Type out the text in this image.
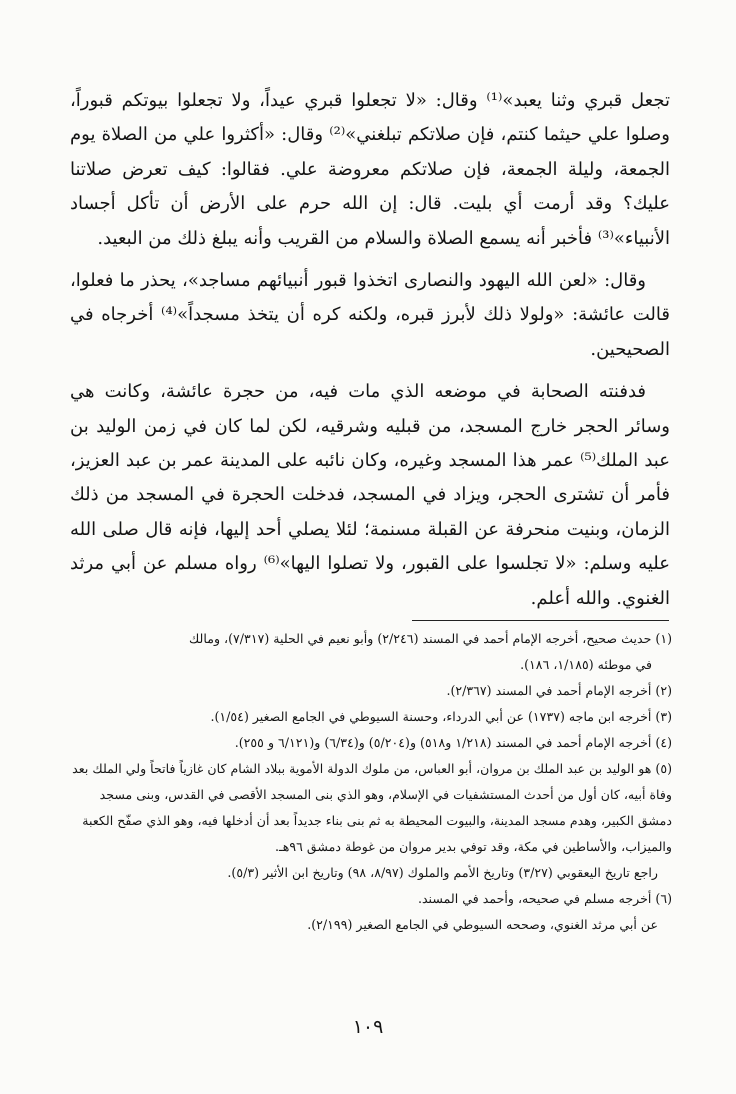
تجعل قبري وثنا يعبد»⁽¹⁾ وقال: «لا تجعلوا قبري عيداً، ولا تجعلوا بيوتكم قبوراً، وصلوا علي حيثما كنتم، فإن صلاتكم تبلغني»⁽²⁾ وقال: «أكثروا علي من الصلاة يوم الجمعة، وليلة الجمعة، فإن صلاتكم معروضة علي. فقالوا: كيف تعرض صلاتنا عليك؟ وقد أرمت أي بليت. قال: إن الله حرم على الأرض أن تأكل أجساد الأنبياء»⁽³⁾ فأخبر أنه يسمع الصلاة والسلام من القريب وأنه يبلغ ذلك من البعيد.

وقال: «لعن الله اليهود والنصارى اتخذوا قبور أنبيائهم مساجد»، يحذر ما فعلوا، قالت عائشة: «ولولا ذلك لأبرز قبره، ولكنه كره أن يتخذ مسجداً»⁽⁴⁾ أخرجاه في الصحيحين.

فدفنته الصحابة في موضعه الذي مات فيه، من حجرة عائشة، وكانت هي وسائر الحجر خارج المسجد، من قبليه وشرقيه، لكن لما كان في زمن الوليد بن عبد الملك⁽⁵⁾ عمر هذا المسجد وغيره، وكان نائبه على المدينة عمر بن عبد العزيز، فأمر أن تشترى الحجر، ويزاد في المسجد، فدخلت الحجرة في المسجد من ذلك الزمان، وبنيت منحرفة عن القبلة مسنمة؛ لئلا يصلي أحد إليها، فإنه قال صلى الله عليه وسلم: «لا تجلسوا على القبور، ولا تصلوا اليها»⁽⁶⁾ رواه مسلم عن أبي مرثد الغنوي. والله أعلم.

(١) حديث صحيح، أخرجه الإمام أحمد في المسند (٢/٢٤٦) وأبو نعيم في الحلية (٧/٣١٧)، ومالك

في موطئه (١/١٨٥، ١٨٦).

(٢) أخرجه الإمام أحمد في المسند (٢/٣٦٧).

(٣) أخرجه ابن ماجه (١٧٣٧) عن أبي الدرداء، وحسنة السيوطي في الجامع الصغير (١/٥٤).

(٤) أخرجه الإمام أحمد في المسند (١/٢١٨ و٥١٨) و(٥/٢٠٤) و(٦/٣٤) و(٦/١٢١ و ٢٥٥).

(٥) هو الوليد بن عبد الملك بن مروان، أبو العباس، من ملوك الدولة الأموية ببلاد الشام كان غازياً فاتحاً ولي الملك بعد وفاة أبيه، كان أول من أحدث المستشفيات في الإسلام، وهو الذي بنى المسجد الأقصى في القدس، وبنى مسجد دمشق الكبير، وهدم مسجد المدينة، والبيوت المحيطة به ثم بنى بناء جديداً بعد أن أدخلها فيه، وهو الذي صفّح الكعبة والميزاب، والأساطين في مكة، وقد توفي بدير مروان من غوطة دمشق ٩٦هـ.

راجع تاريخ اليعقوبي (٣/٢٧) وتاريخ الأمم والملوك (٨/٩٧، ٩٨) وتاريخ ابن الأثير (٥/٣).

(٦) أخرجه مسلم في صحيحه، وأحمد في المسند.

عن أبي مرثد الغنوي، وصححه السيوطي في الجامع الصغير (٢/١٩٩).

١٠٩
